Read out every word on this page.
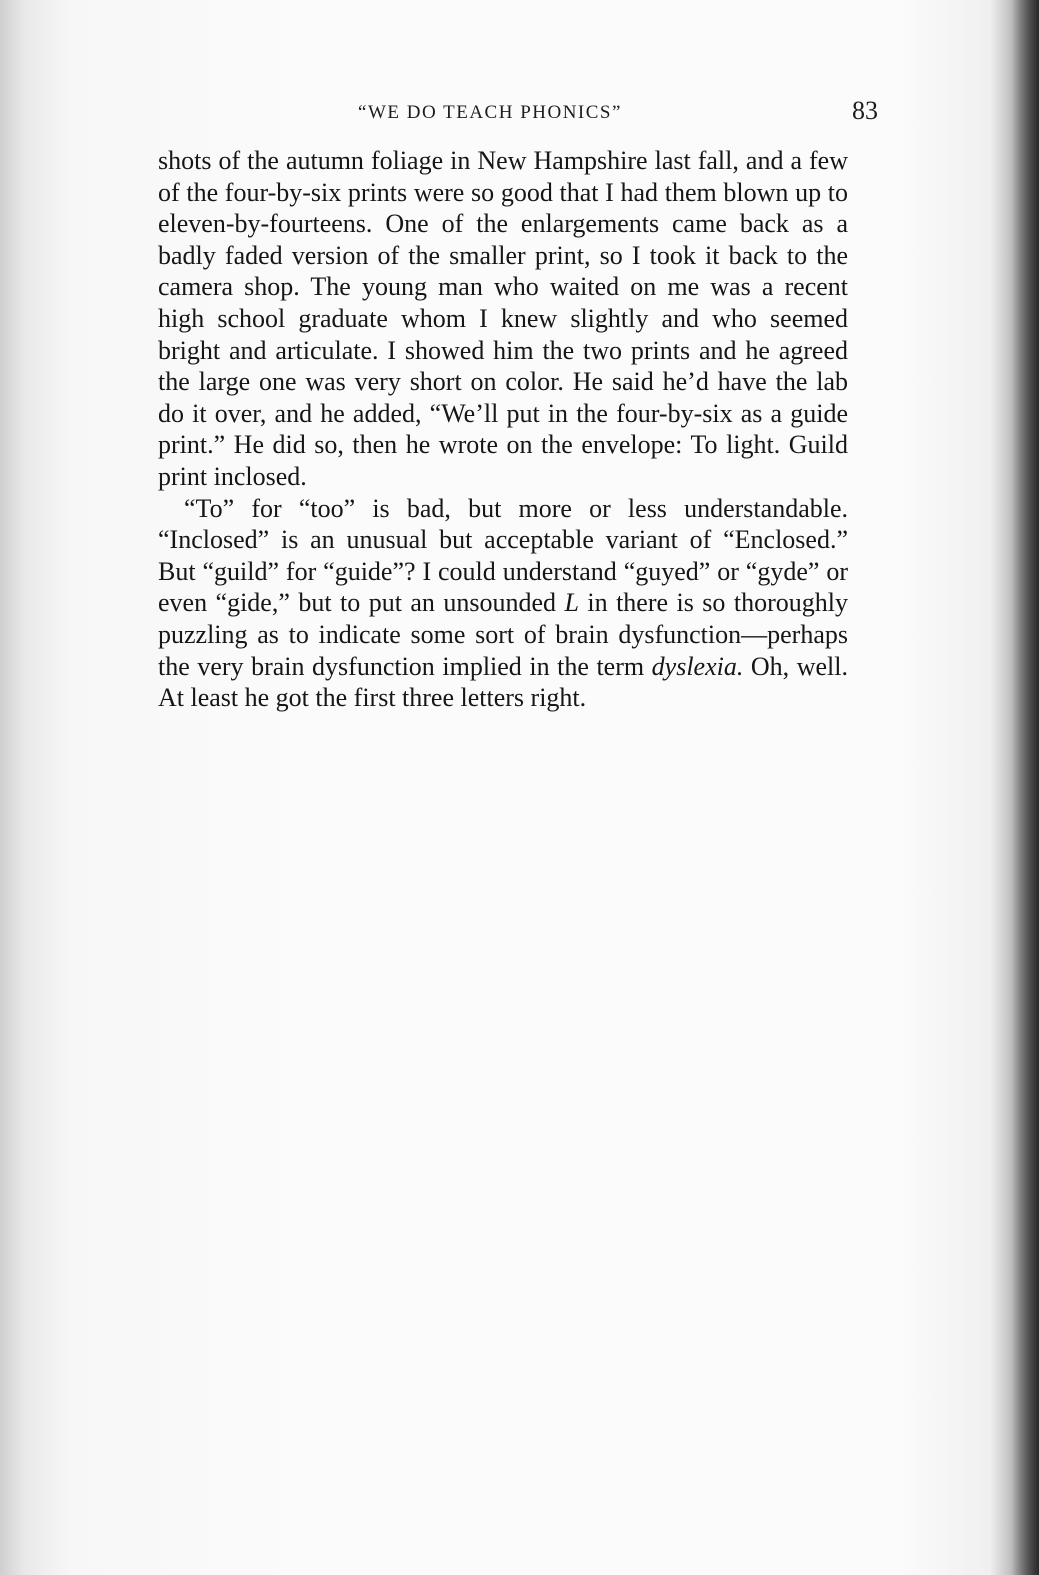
“WE DO TEACH PHONICS”	83

shots of the autumn foliage in New Hampshire last fall, and a few of the four-by-six prints were so good that I had them blown up to eleven-by-fourteens. One of the enlargements came back as a badly faded version of the smaller print, so I took it back to the camera shop. The young man who waited on me was a recent high school graduate whom I knew slightly and who seemed bright and articulate. I showed him the two prints and he agreed the large one was very short on color. He said he’d have the lab do it over, and he added, “We’ll put in the four-by-six as a guide print.” He did so, then he wrote on the envelope: To light. Guild print inclosed.

“To” for “too” is bad, but more or less understandable. “Inclosed” is an unusual but acceptable variant of “Enclosed.” But “guild” for “guide”? I could understand “guyed” or “gyde” or even “gide,” but to put an unsounded L in there is so thoroughly puzzling as to indicate some sort of brain dysfunction—perhaps the very brain dysfunction implied in the term dyslexia. Oh, well. At least he got the first three letters right.
